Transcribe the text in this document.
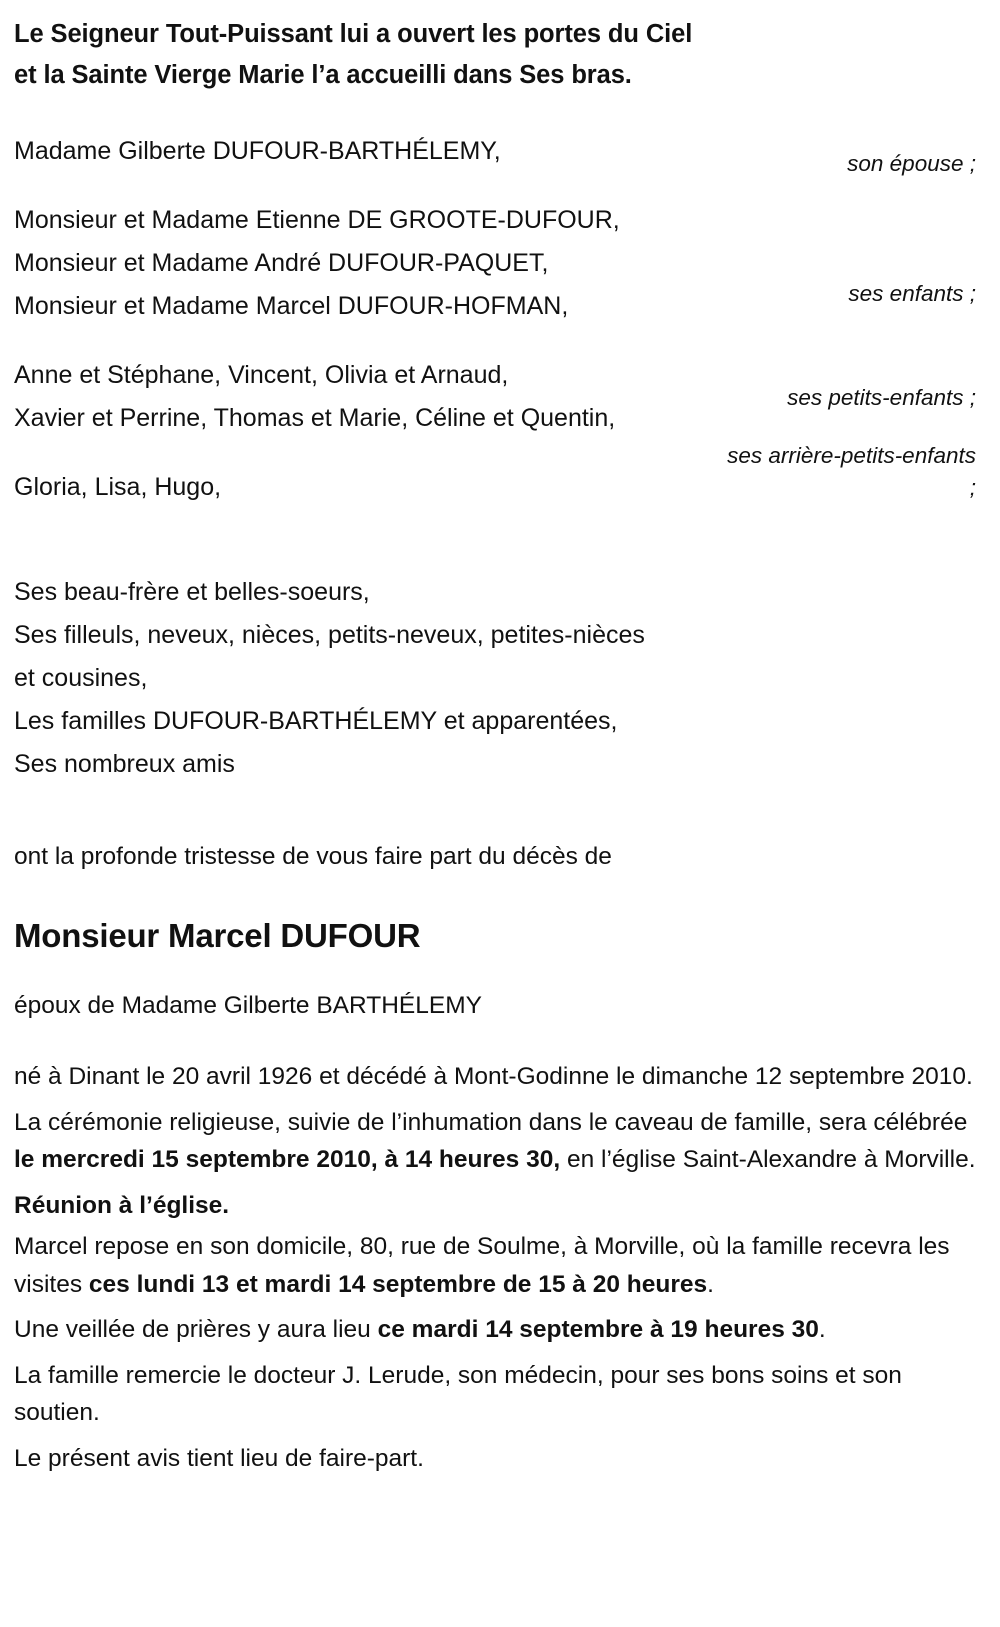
Le Seigneur Tout-Puissant lui a ouvert les portes du Ciel
et la Sainte Vierge Marie l’a accueilli dans Ses bras.
Madame Gilberte DUFOUR-BARTHÉLEMY,
Monsieur et Madame Etienne DE GROOTE-DUFOUR,
Monsieur et Madame André DUFOUR-PAQUET,
Monsieur et Madame Marcel DUFOUR-HOFMAN,
Anne et Stéphane, Vincent, Olivia et Arnaud,
Xavier et Perrine, Thomas et Marie, Céline et Quentin,
Gloria, Lisa, Hugo,
Ses beau-frère et belles-soeurs,
Ses filleuls, neveux, nièces, petits-neveux, petites-nièces
et cousines,
Les familles DUFOUR-BARTHÉLEMY et apparentées,
Ses nombreux amis
son épouse ;
ses enfants ;
ses petits-enfants ;
ses arrière-petits-enfants ;
ont la profonde tristesse de vous faire part du décès de
Monsieur Marcel DUFOUR
époux de Madame Gilberte BARTHÉLEMY

né à Dinant le 20 avril 1926 et décédé à Mont-Godinne le dimanche 12 septembre 2010.

La cérémonie religieuse, suivie de l’inhumation dans le caveau de famille, sera célébrée le mercredi 15 septembre 2010, à 14 heures 30, en l’église Saint-Alexandre à Morville.

Réunion à l’église.

Marcel repose en son domicile, 80, rue de Soulme, à Morville, où la famille recevra les visites ces lundi 13 et mardi 14 septembre de 15 à 20 heures.

Une veillée de prières y aura lieu ce mardi 14 septembre à 19 heures 30.

La famille remercie le docteur J. Lerude, son médecin, pour ses bons soins et son soutien.

Le présent avis tient lieu de faire-part.
